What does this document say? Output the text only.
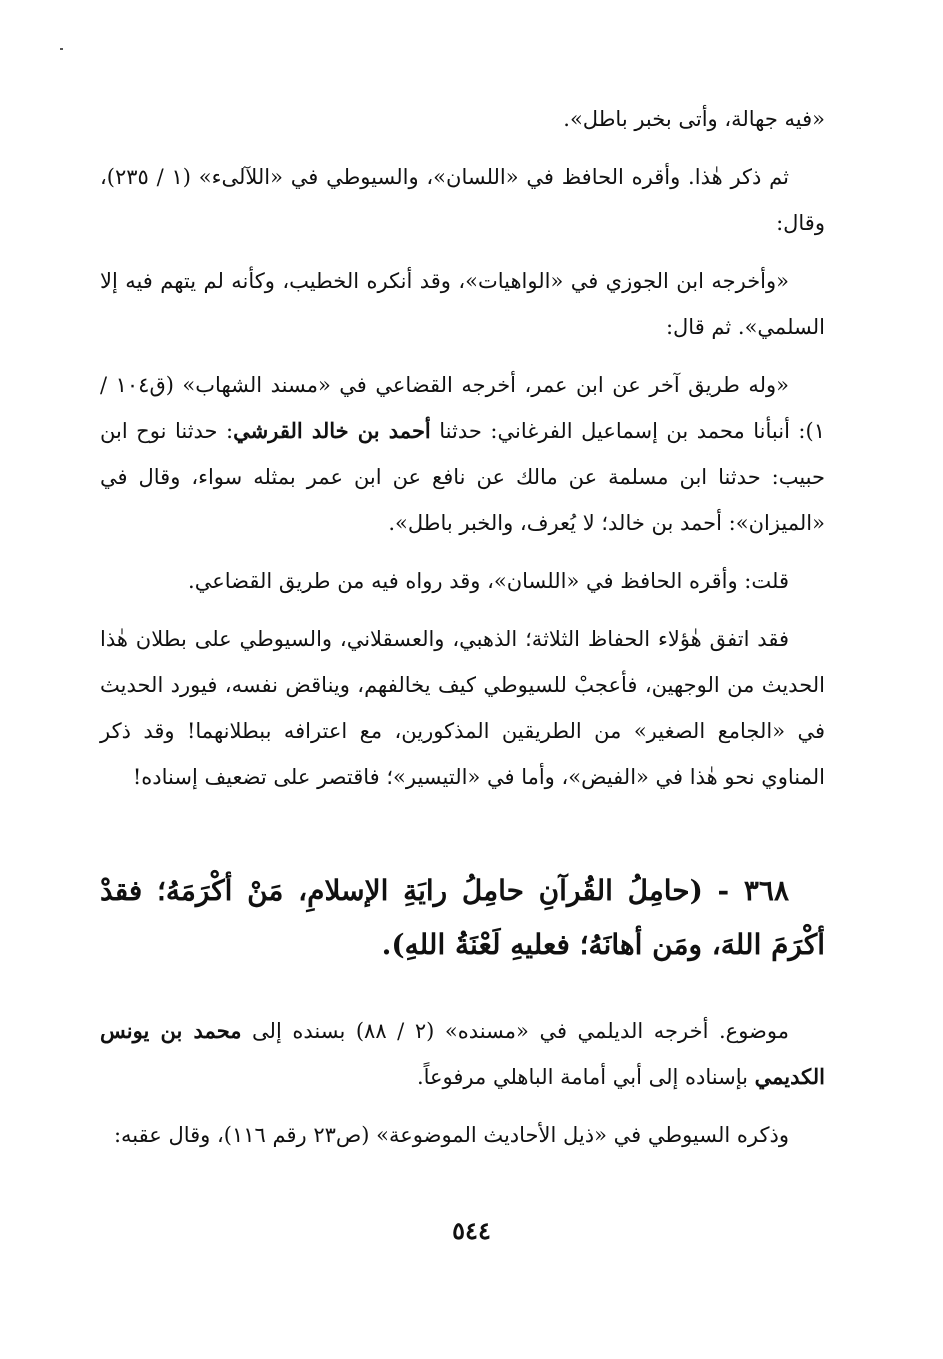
«فيه جهالة، وأتى بخبر باطل».

ثم ذكر هٰذا. وأقره الحافظ في «اللسان»، والسيوطي في «اللآلىء» (١ / ٢٣٥)، وقال:

«وأخرجه ابن الجوزي في «الواهيات»، وقد أنكره الخطيب، وكأنه لم يتهم فيه إلا السلمي». ثم قال:

«وله طريق آخر عن ابن عمر، أخرجه القضاعي في «مسند الشهاب» (ق١٠٤ / ١): أنبأنا محمد بن إسماعيل الفرغاني: حدثنا أحمد بن خالد القرشي: حدثنا نوح ابن حبيب: حدثنا ابن مسلمة عن مالك عن نافع عن ابن عمر بمثله سواء، وقال في «الميزان»: أحمد بن خالد؛ لا يُعرف، والخبر باطل».

قلت: وأقره الحافظ في «اللسان»، وقد رواه فيه من طريق القضاعي.

فقد اتفق هٰؤلاء الحفاظ الثلاثة؛ الذهبي، والعسقلاني، والسيوطي على بطلان هٰذا الحديث من الوجهين، فأعجبْ للسيوطي كيف يخالفهم، ويناقض نفسه، فيورد الحديث في «الجامع الصغير» من الطريقين المذكورين، مع اعترافه ببطلانهما! وقد ذكر المناوي نحو هٰذا في «الفيض»، وأما في «التيسير»؛ فاقتصر على تضعيف إسناده!

٣٦٨ - (حامِلُ القُرآنِ حامِلُ رايَةِ الإسلامِ، مَنْ أكْرَمَهُ؛ فقدْ أكْرَمَ اللهَ، ومَن أهانَهُ؛ فعليهِ لَعْنَةُ اللهِ).

موضوع. أخرجه الديلمي في «مسنده» (٢ / ٨٨) بسنده إلى محمد بن يونس الكديمي بإسناده إلى أبي أمامة الباهلي مرفوعاً.

وذكره السيوطي في «ذيل الأحاديث الموضوعة» (ص٢٣ رقم ١١٦)، وقال عقبه:

٥٤٤
